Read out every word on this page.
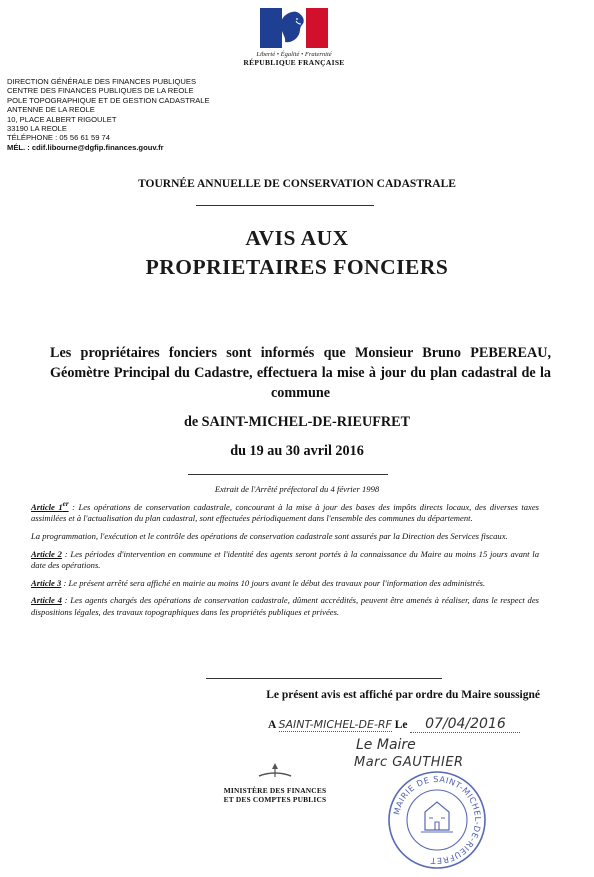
Liberté • Égalité • Fraternité
RÉPUBLIQUE FRANÇAISE
DIRECTION GÉNÉRALE DES FINANCES PUBLIQUES
CENTRE DES FINANCES PUBLIQUES DE LA REOLE
POLE TOPOGRAPHIQUE ET DE GESTION CADASTRALE
ANTENNE DE LA REOLE
10, PLACE ALBERT RIGOULET
33190 LA REOLE
TÉLÉPHONE : 05 56 61 59 74
MÉL. : cdif.libourne@dgfip.finances.gouv.fr
TOURNÉE ANNUELLE DE CONSERVATION CADASTRALE
AVIS AUX
PROPRIETAIRES FONCIERS
Les propriétaires fonciers sont informés que Monsieur Bruno PEBEREAU, Géomètre Principal du Cadastre, effectuera la mise à jour du plan cadastral de la commune
de SAINT-MICHEL-DE-RIEUFRET
du 19 au 30 avril 2016
Extrait de l'Arrêté préfectoral du 4 février 1998

Article 1er : Les opérations de conservation cadastrale, concourant à la mise à jour des bases des impôts directs locaux, des diverses taxes assimilées et à l'actualisation du plan cadastral, sont effectuées périodiquement dans l'ensemble des communes du département.

La programmation, l'exécution et le contrôle des opérations de conservation cadastrale sont assurés par la Direction des Services fiscaux.

Article 2 : Les périodes d'intervention en commune et l'identité des agents seront portés à la connaissance du Maire au moins 15 jours avant la date des opérations.

Article 3 : Le présent arrêté sera affiché en mairie au moins 10 jours avant le début des travaux pour l'information des administrés.

Article 4 : Les agents chargés des opérations de conservation cadastrale, dûment accrédités, peuvent être amenés à réaliser, dans le respect des dispositions légales, des travaux topographiques dans les propriétés publiques et privées.

Le présent avis est affiché par ordre du Maire soussigné
A SAINT-MICHEL-DE-RF Le 07/04/2016
Le Maire
Marc GAUTHIER
MINISTÈRE DES FINANCES
ET DES COMPTES PUBLICS
MAIRIE DE SAINT-MICHEL-DE-RIEUFRET
